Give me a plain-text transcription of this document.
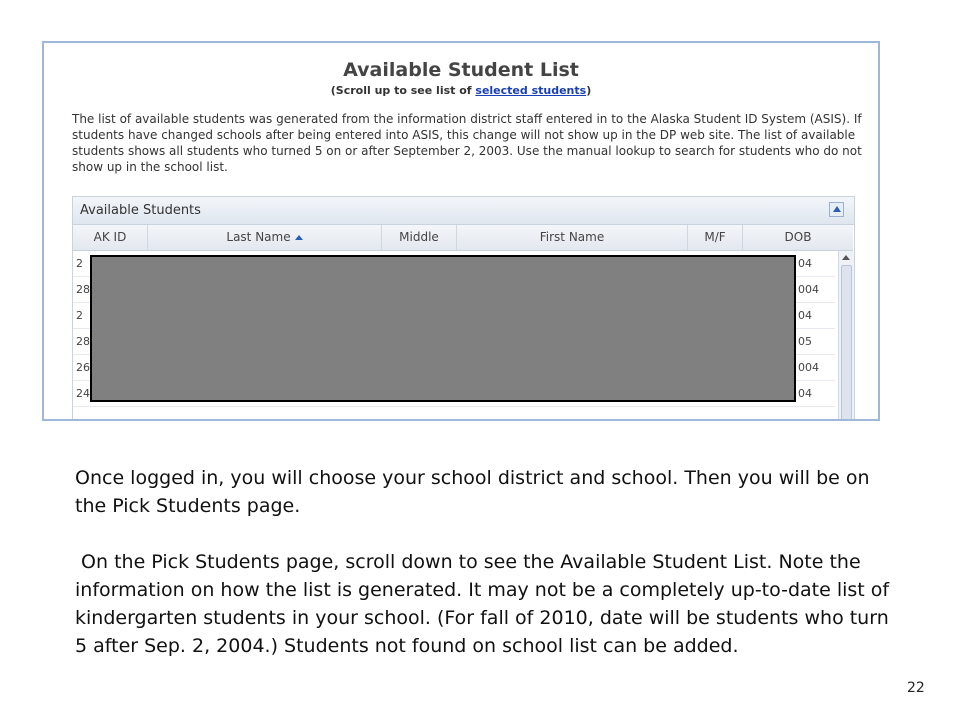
Available Student List
(Scroll up to see list of selected students)
The list of available students was generated from the information district staff entered in to the Alaska Student ID System (ASIS). If students have changed schools after being entered into ASIS, this change will not show up in the DP web site. The list of available students shows all students who turned 5 on or after September 2, 2003. Use the manual lookup to search for students who do not show up in the school list.
Available Students
AK ID	Last Name	Middle	First Name	M/F	DOB
2	04
28	004
2	04
28	05
26	004
24	04

Once logged in, you will choose your school district and school. Then you will be on the Pick Students page.

On the Pick Students page, scroll down to see the Available Student List. Note the information on how the list is generated. It may not be a completely up-to-date list of kindergarten students in your school. (For fall of 2010, date will be students who turn 5 after Sep. 2, 2004.) Students not found on school list can be added.

22
